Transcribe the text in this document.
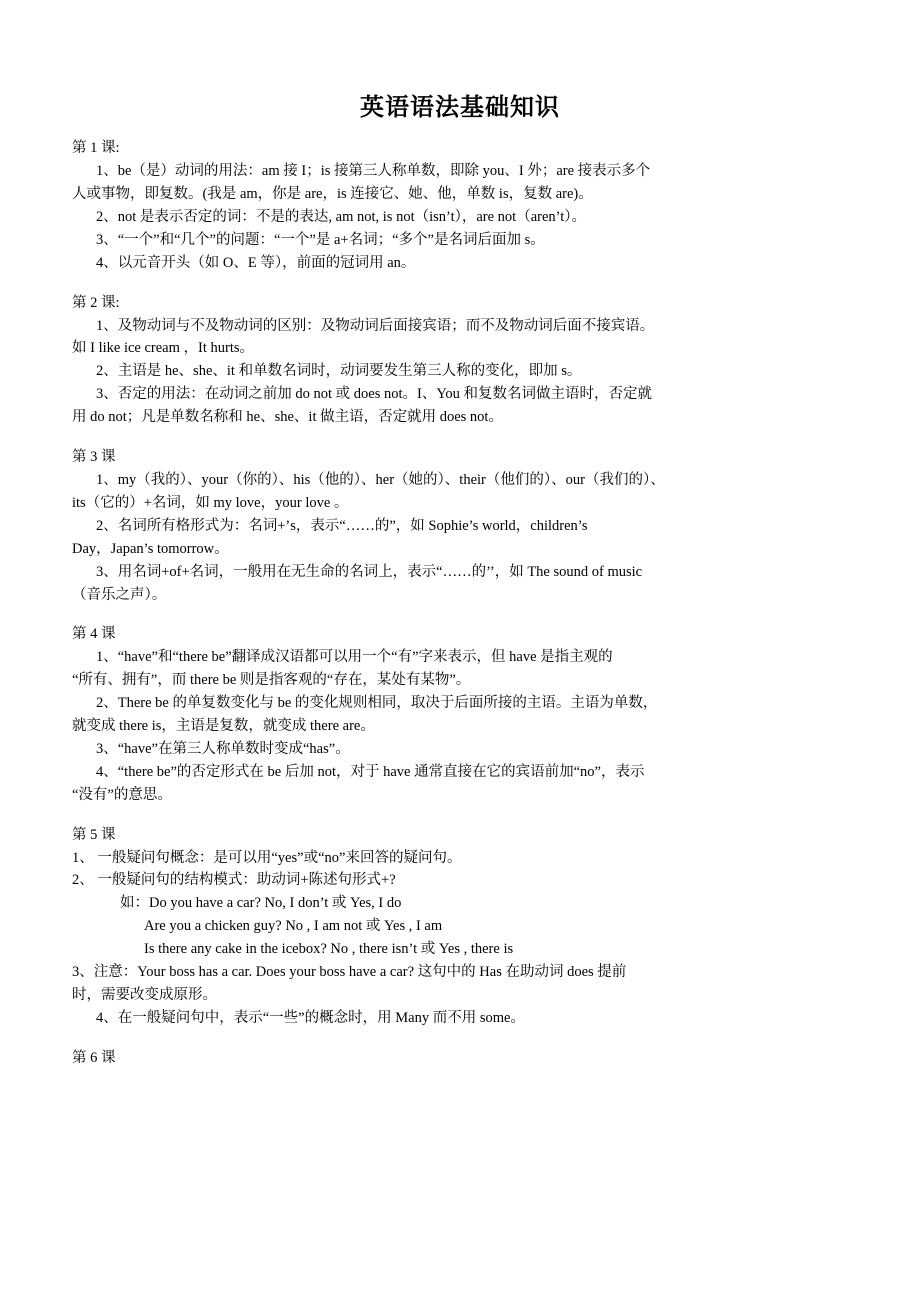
英语语法基础知识

第 1 课:

1、be（是）动词的用法：am 接 I；is 接第三人称单数，即除 you、I 外；are 接表示多个

人或事物，即复数。(我是 am，你是 are，is 连接它、她、他，单数 is，复数 are)。

2、not 是表示否定的词：不是的表达, am not, is not（isn’t），are not（aren’t）。

3、“一个”和“几个”的问题：“一个”是 a+名词；“多个”是名词后面加 s。

4、以元音开头（如 O、E 等），前面的冠词用 an。

第 2 课:

1、及物动词与不及物动词的区别：及物动词后面接宾语；而不及物动词后面不接宾语。

如 I like ice cream ，It hurts。

2、主语是 he、she、it 和单数名词时，动词要发生第三人称的变化，即加 s。

3、否定的用法：在动词之前加 do not 或 does not。I、You 和复数名词做主语时，否定就

用 do not；凡是单数名称和 he、she、it 做主语，否定就用 does not。

第 3 课

1、my（我的）、your（你的）、his（他的）、her（她的）、their（他们的）、our（我们的）、

its（它的）+名词，如 my love，your love 。

2、名词所有格形式为：名词+’s，表示“……的”，如 Sophie’s world，children’s

Day，Japan’s tomorrow。

3、用名词+of+名词，一般用在无生命的名词上，表示“……的’’，如 The sound of music

（音乐之声）。

第 4 课

1、“have”和“there be”翻译成汉语都可以用一个“有”字来表示，但 have 是指主观的

“所有、拥有”，而 there be 则是指客观的“存在，某处有某物”。

2、There be 的单复数变化与 be 的变化规则相同，取决于后面所接的主语。主语为单数，

就变成 there is，主语是复数，就变成 there are。

3、“have”在第三人称单数时变成“has”。

4、“there be”的否定形式在 be 后加 not，对于 have 通常直接在它的宾语前加“no”，表示

“没有”的意思。

第 5 课

1、 一般疑问句概念：是可以用“yes”或“no”来回答的疑问句。

2、 一般疑问句的结构模式：助动词+陈述句形式+?

如：Do you have a car? No, I don’t 或 Yes, I do

Are you a chicken guy? No , I am not 或 Yes , I am

Is there any cake in the icebox? No , there isn’t 或 Yes , there is

3、注意：Your boss has a car. Does your boss have a car? 这句中的 Has 在助动词 does 提前

时，需要改变成原形。

4、在一般疑问句中，表示“一些”的概念时，用 Many 而不用 some。

第 6 课
